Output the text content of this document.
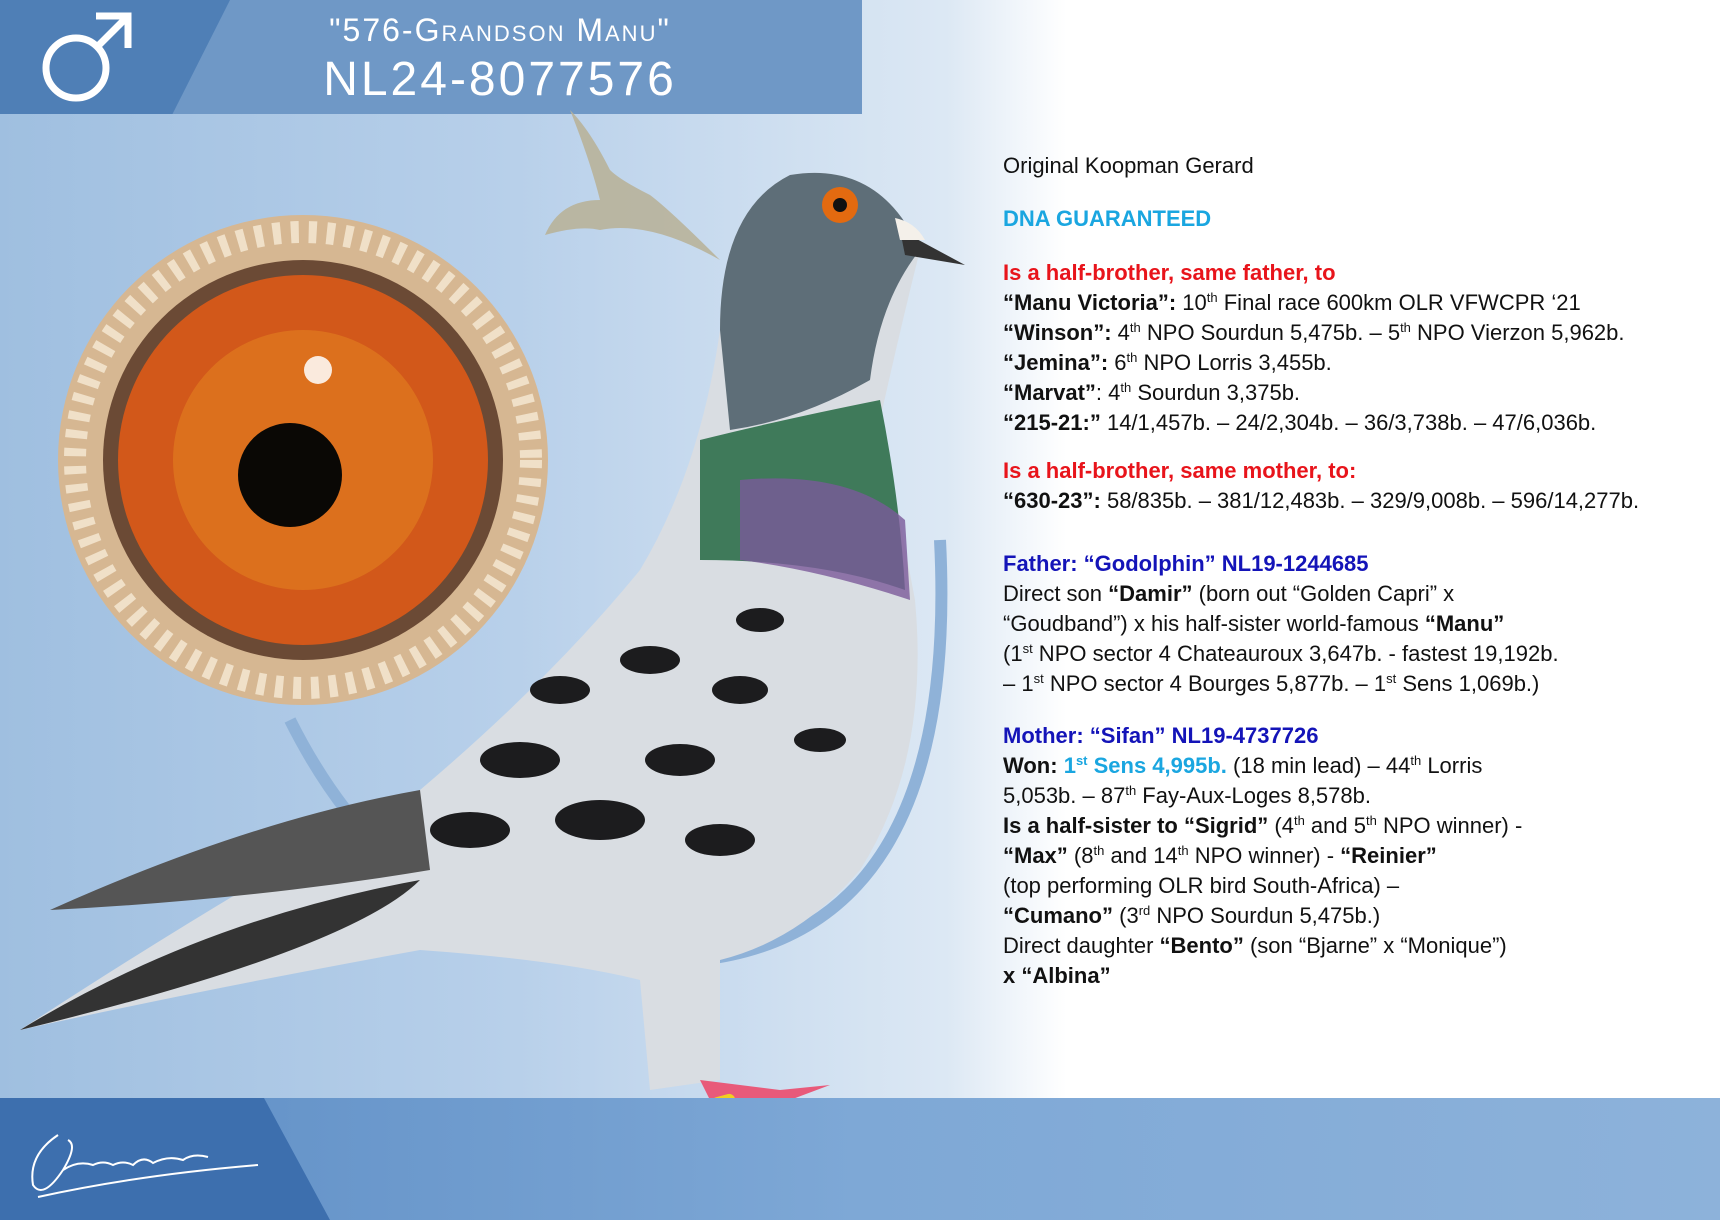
"576-Grandson Manu"
NL24-8077576
Original Koopman Gerard
DNA GUARANTEED
Is a half-brother, same father, to
“Manu Victoria”: 10th Final race 600km OLR VFWCPR ‘21
“Winson”: 4th NPO Sourdun 5,475b. – 5th NPO Vierzon 5,962b.
“Jemina”: 6th NPO Lorris 3,455b.
“Marvat”: 4th Sourdun 3,375b.
“215-21:” 14/1,457b. – 24/2,304b. – 36/3,738b. – 47/6,036b.
Is a half-brother, same mother, to:
“630-23”: 58/835b. – 381/12,483b. – 329/9,008b. – 596/14,277b.
Father: “Godolphin” NL19-1244685
Direct son “Damir” (born out “Golden Capri” x
“Goudband”) x his half-sister world-famous “Manu”
(1st NPO sector 4 Chateauroux 3,647b. - fastest 19,192b.
– 1st NPO sector 4 Bourges 5,877b. – 1st Sens 1,069b.)
Mother: “Sifan” NL19-4737726
Won: 1st Sens 4,995b. (18 min lead) – 44th Lorris
5,053b. – 87th Fay-Aux-Loges 8,578b.
Is a half-sister to “Sigrid” (4th and 5th NPO winner) -
“Max” (8th and 14th NPO winner) - “Reinier”
(top performing OLR bird South-Africa) –
“Cumano” (3rd NPO Sourdun 5,475b.)
Direct daughter “Bento” (son “Bjarne” x “Monique”)
x “Albina”
